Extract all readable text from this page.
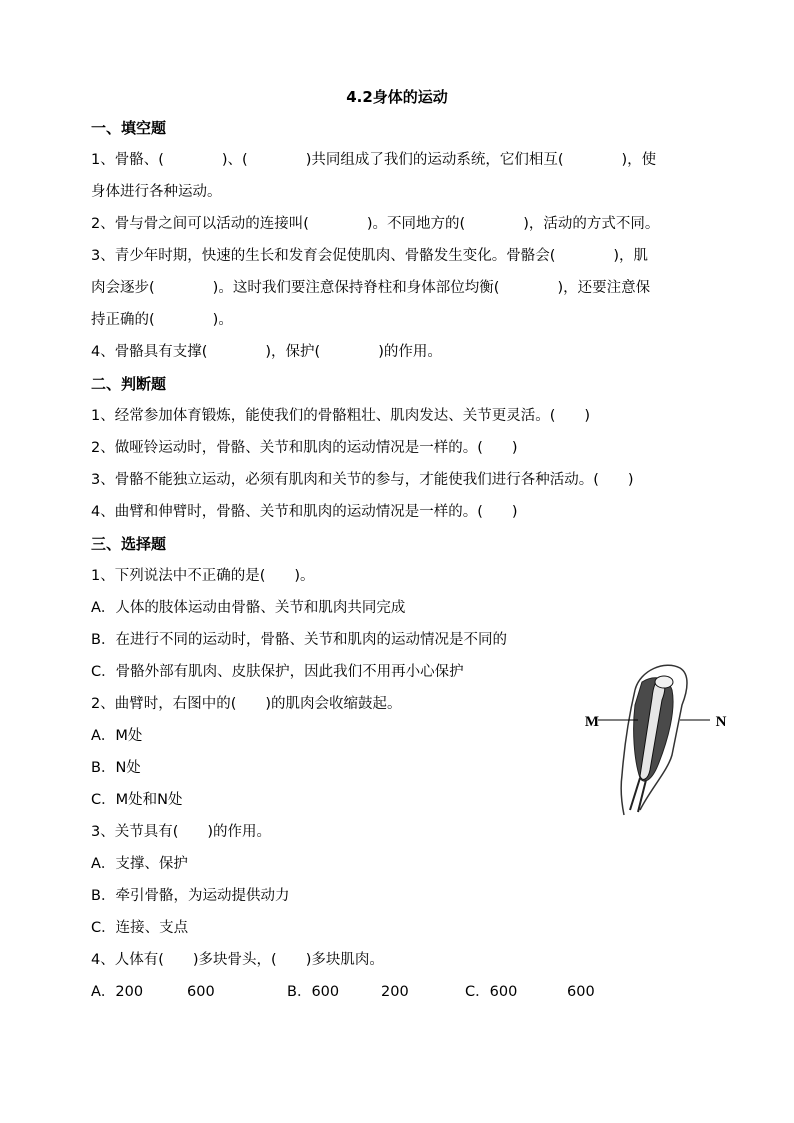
4.2身体的运动
一、填空题
1、骨骼、(　　　　)、(　　　　)共同组成了我们的运动系统，它们相互(　　　　)，使
身体进行各种运动。
2、骨与骨之间可以活动的连接叫(　　　　)。不同地方的(　　　　)，活动的方式不同。
3、青少年时期，快速的生长和发育会促使肌肉、骨骼发生变化。骨骼会(　　　　)，肌
肉会逐步(　　　　)。这时我们要注意保持脊柱和身体部位均衡(　　　　)，还要注意保
持正确的(　　　　)。
4、骨骼具有支撑(　　　　)，保护(　　　　)的作用。
二、判断题
1、经常参加体育锻炼，能使我们的骨骼粗壮、肌肉发达、关节更灵活。(　　)
2、做哑铃运动时，骨骼、关节和肌肉的运动情况是一样的。(　　)
3、骨骼不能独立运动，必须有肌肉和关节的参与，才能使我们进行各种活动。(　　)
4、曲臂和伸臂时，骨骼、关节和肌肉的运动情况是一样的。(　　)
三、选择题
1、下列说法中不正确的是(　　)。
A．人体的肢体运动由骨骼、关节和肌肉共同完成
B．在进行不同的运动时，骨骼、关节和肌肉的运动情况是不同的
C．骨骼外部有肌肉、皮肤保护，因此我们不用再小心保护
2、曲臂时，右图中的(　　)的肌肉会收缩鼓起。
A．M处
B．N处
C．M处和N处
3、关节具有(　　)的作用。
A．支撑、保护
B．牵引骨骼，为运动提供动力
C．连接、支点
4、人体有(　　)多块骨头，(　　)多块肌肉。
A．200	600	B．600	200	C．600	600
M	N
